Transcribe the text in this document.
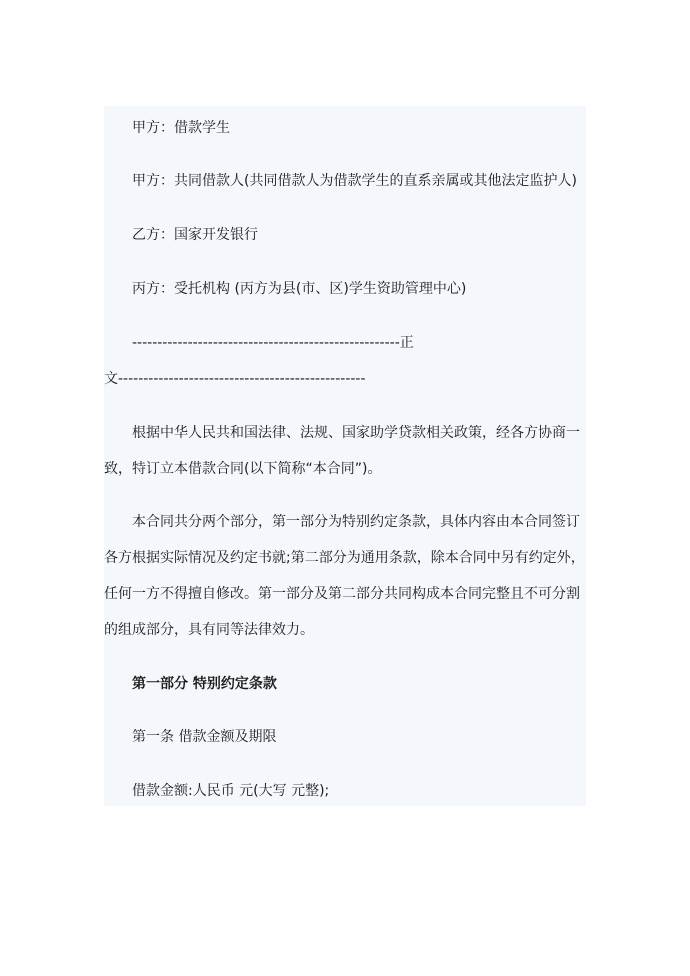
甲方：借款学生
甲方：共同借款人(共同借款人为借款学生的直系亲属或其他法定监护人)
乙方：国家开发银行
丙方：受托机构 (丙方为县(市、区)学生资助管理中心)
-----------------------------------------------------正
文-------------------------------------------------
根据中华人民共和国法律、法规、国家助学贷款相关政策，经各方协商一
致，特订立本借款合同(以下简称“本合同”)。
本合同共分两个部分，第一部分为特别约定条款，具体内容由本合同签订
各方根据实际情况及约定书就;第二部分为通用条款，除本合同中另有约定外，
任何一方不得擅自修改。第一部分及第二部分共同构成本合同完整且不可分割
的组成部分，具有同等法律效力。
第一部分 特别约定条款
第一条 借款金额及期限
借款金额:人民币 元(大写 元整);
